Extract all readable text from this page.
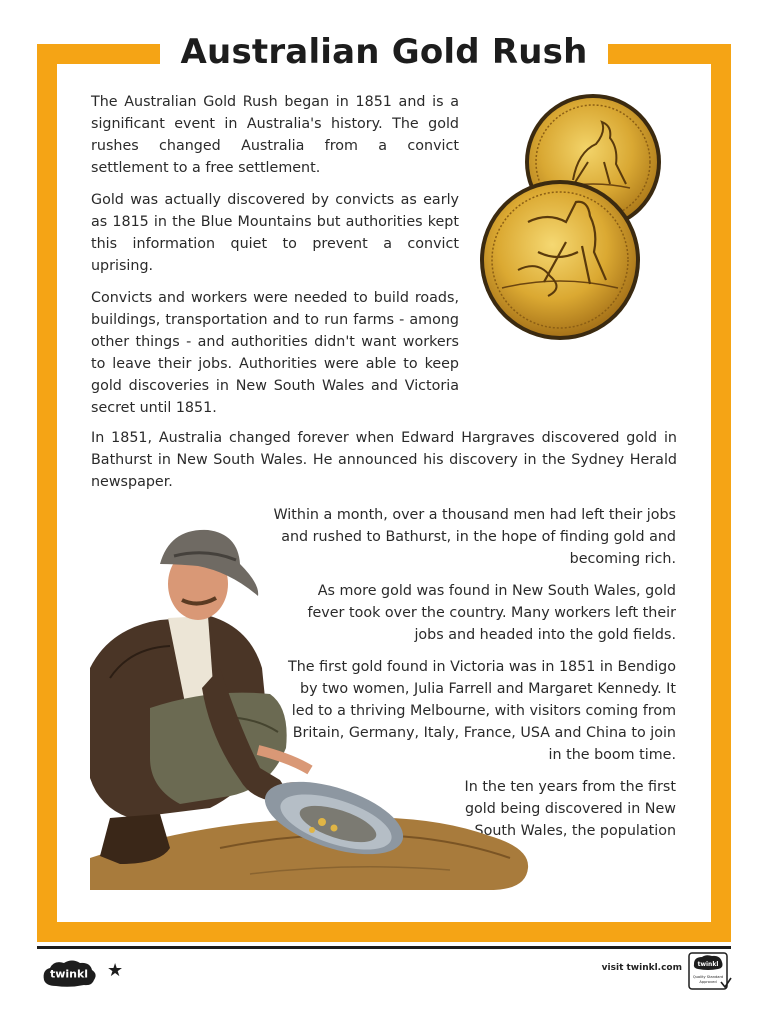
Australian Gold Rush

The Australian Gold Rush began in 1851 and is a significant event in Australia's history. The gold rushes changed Australia from a convict settlement to a free settlement.

Gold was actually discovered by convicts as early as 1815 in the Blue Mountains but authorities kept this information quiet to prevent a convict uprising.

Convicts and workers were needed to build roads, buildings, transportation and to run farms - among other things - and authorities didn't want workers to leave their jobs. Authorities were able to keep gold discoveries in New South Wales and Victoria secret until 1851.

In 1851, Australia changed forever when Edward Hargraves discovered gold in Bathurst in New South Wales. He announced his discovery in the Sydney Herald newspaper.

Within a month, over a thousand men had left their jobs and rushed to Bathurst, in the hope of finding gold and becoming rich.

As more gold was found in New South Wales, gold fever took over the country. Many workers left their jobs and headed into the gold fields.

The first gold found in Victoria was in 1851 in Bendigo by two women, Julia Farrell and Margaret Kennedy. It led to a thriving Melbourne, with visitors coming from Britain, Germany, Italy, France, USA and China to join in the boom time.

In the ten years from the first gold being discovered in New South Wales, the population

twinkl ★	visit twinkl.com	twinkl
Quality Standard
Approved
